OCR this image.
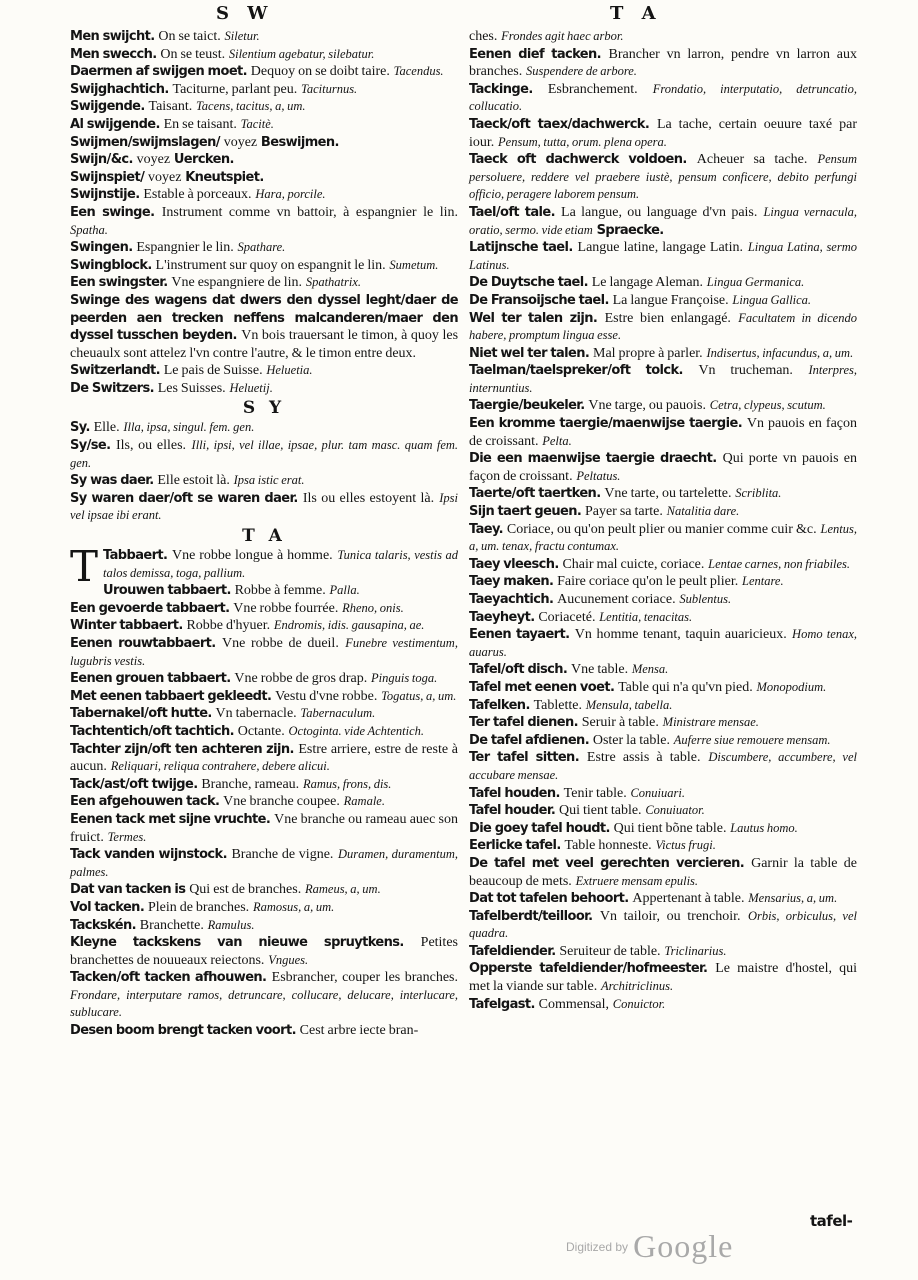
S W	T A

Men swijcht. On se taict. Siletur.

Men swecch. On se teust. Silentium agebatur, silebatur.

Daermen af swijgen moet. Dequoy on se doibt taire. Tacendus.

Swijghachtich. Taciturne, parlant peu. Taciturnus.

Swijgende. Taisant. Tacens, tacitus, a, um.

Al swijgende. En se taisant. Tacitè.

Swijmen/swijmslagen/ voyez Beswijmen.

Swijn/&c. voyez Uercken.

Swijnspiet/ voyez Kneutspiet.

Swijnstije. Estable à porceaux. Hara, porcile.

Een swinge. Instrument comme vn battoir, à espangnier le lin. Spatha.

Swingen. Espangnier le lin. Spathare.

Swingblock. L'instrument sur quoy on espangnit le lin. Sumetum.

Een swingster. Vne espangniere de lin. Spathatrix.

Swinge des wagens dat dwers den dyssel leght/daer de peerden aen trecken neffens malcanderen/maer den dyssel tusschen beyden. Vn bois trauersant le timon, à quoy les cheuaulx sont attelez l'vn contre l'autre, & le timon entre deux.

Switzerlandt. Le pais de Suisse. Heluetia.

De Switzers. Les Suisses. Heluetij.

S Y

Sy. Elle. Illa, ipsa, singul. fem. gen.

Sy/se. Ils, ou elles. Illi, ipsi, vel illae, ipsae, plur. tam masc. quam fem. gen.

Sy was daer. Elle estoit là. Ipsa istic erat.

Sy waren daer/oft se waren daer. Ils ou elles estoyent là. Ipsi vel ipsae ibi erant.

T A

T Tabbaert. Vne robbe longue à homme. Tunica talaris, vestis ad talos demissa, toga, pallium.

Urouwen tabbaert. Robbe à femme. Palla.

Een gevoerde tabbaert. Vne robbe fourrée. Rheno, onis.

Winter tabbaert. Robbe d'hyuer. Endromis, idis. gausapina, ae.

Eenen rouwtabbaert. Vne robbe de dueil. Funebre vestimentum, lugubris vestis.

Eenen grouen tabbaert. Vne robbe de gros drap. Pinguis toga.

Met eenen tabbaert gekleedt. Vestu d'vne robbe. Togatus, a, um.

Tabernakel/oft hutte. Vn tabernacle. Tabernaculum.

Tachtentich/oft tachtich. Octante. Octoginta. vide Achtentich.

Tachter zijn/oft ten achteren zijn. Estre arriere, estre de reste à aucun. Reliquari, reliqua contrahere, debere alicui.

Tack/ast/oft twijge. Branche, rameau. Ramus, frons, dis.

Een afgehouwen tack. Vne branche coupee. Ramale.

Eenen tack met sijne vruchte. Vne branche ou rameau auec son fruict. Termes.

Tack vanden wijnstock. Branche de vigne. Duramen, duramentum, palmes.

Dat van tacken is Qui est de branches. Rameus, a, um.

Vol tacken. Plein de branches. Ramosus, a, um.

Tackskén. Branchette. Ramulus.

Kleyne tackskens van nieuwe spruytkens. Petites branchettes de nouueaux reiectons. Vngues.

Tacken/oft tacken afhouwen. Esbrancher, couper les branches. Frondare, interputare ramos, detruncare, collucare, delucare, interlucare, sublucare.

Desen boom brengt tacken voort. Cest arbre iecte bran-

ches. Frondes agit haec arbor.

Eenen dief tacken. Brancher vn larron, pendre vn larron aux branches. Suspendere de arbore.

Tackinge. Esbranchement. Frondatio, interputatio, detruncatio, collucatio.

Taeck/oft taex/dachwerck. La tache, certain oeuure taxé par iour. Pensum, tutta, orum. plena opera.

Taeck oft dachwerck voldoen. Acheuer sa tache. Pensum persoluere, reddere vel praebere iustè, pensum conficere, debito perfungi officio, peragere laborem pensum.

Tael/oft tale. La langue, ou language d'vn pais. Lingua vernacula, oratio, sermo. vide etiam Spraecke.

Latijnsche tael. Langue latine, langage Latin. Lingua Latina, sermo Latinus.

De Duytsche tael. Le langage Aleman. Lingua Germanica.

De Fransoijsche tael. La langue Françoise. Lingua Gallica.

Wel ter talen zijn. Estre bien enlangagé. Facultatem in dicendo habere, promptum lingua esse.

Niet wel ter talen. Mal propre à parler. Indisertus, infacundus, a, um.

Taelman/taelspreker/oft tolck. Vn trucheman. Interpres, internuntius.

Taergie/beukeler. Vne targe, ou pauois. Cetra, clypeus, scutum.

Een kromme taergie/maenwijse taergie. Vn pauois en façon de croissant. Pelta.

Die een maenwijse taergie draecht. Qui porte vn pauois en façon de croissant. Peltatus.

Taerte/oft taertken. Vne tarte, ou tartelette. Scriblita.

Sijn taert geuen. Payer sa tarte. Natalitia dare.

Taey. Coriace, ou qu'on peult plier ou manier comme cuir &c. Lentus, a, um. tenax, fractu contumax.

Taey vleesch. Chair mal cuicte, coriace. Lentae carnes, non friabiles.

Taey maken. Faire coriace qu'on le peult plier. Lentare.

Taeyachtich. Aucunement coriace. Sublentus.

Taeyheyt. Coriaceté. Lentitia, tenacitas.

Eenen tayaert. Vn homme tenant, taquin auaricieux. Homo tenax, auarus.

Tafel/oft disch. Vne table. Mensa.

Tafel met eenen voet. Table qui n'a qu'vn pied. Monopodium.

Tafelken. Tablette. Mensula, tabella.

Ter tafel dienen. Seruir à table. Ministrare mensae.

De tafel afdienen. Oster la table. Auferre siue remouere mensam.

Ter tafel sitten. Estre assis à table. Discumbere, accumbere, vel accubare mensae.

Tafel houden. Tenir table. Conuiuari.

Tafel houder. Qui tient table. Conuiuator.

Die goey tafel houdt. Qui tient bõne table. Lautus homo.

Eerlicke tafel. Table honneste. Victus frugi.

De tafel met veel gerechten vercieren. Garnir la table de beaucoup de mets. Extruere mensam epulis.

Dat tot tafelen behoort. Appertenant à table. Mensarius, a, um.

Tafelberdt/teilloor. Vn tailoir, ou trenchoir. Orbis, orbiculus, vel quadra.

Tafeldiender. Seruiteur de table. Triclinarius.

Opperste tafeldiender/hofmeester. Le maistre d'hostel, qui met la viande sur table. Architriclinus.

Tafelgast. Commensal, Conuictor.

tafel-
$^{Digitized by}$ Google
